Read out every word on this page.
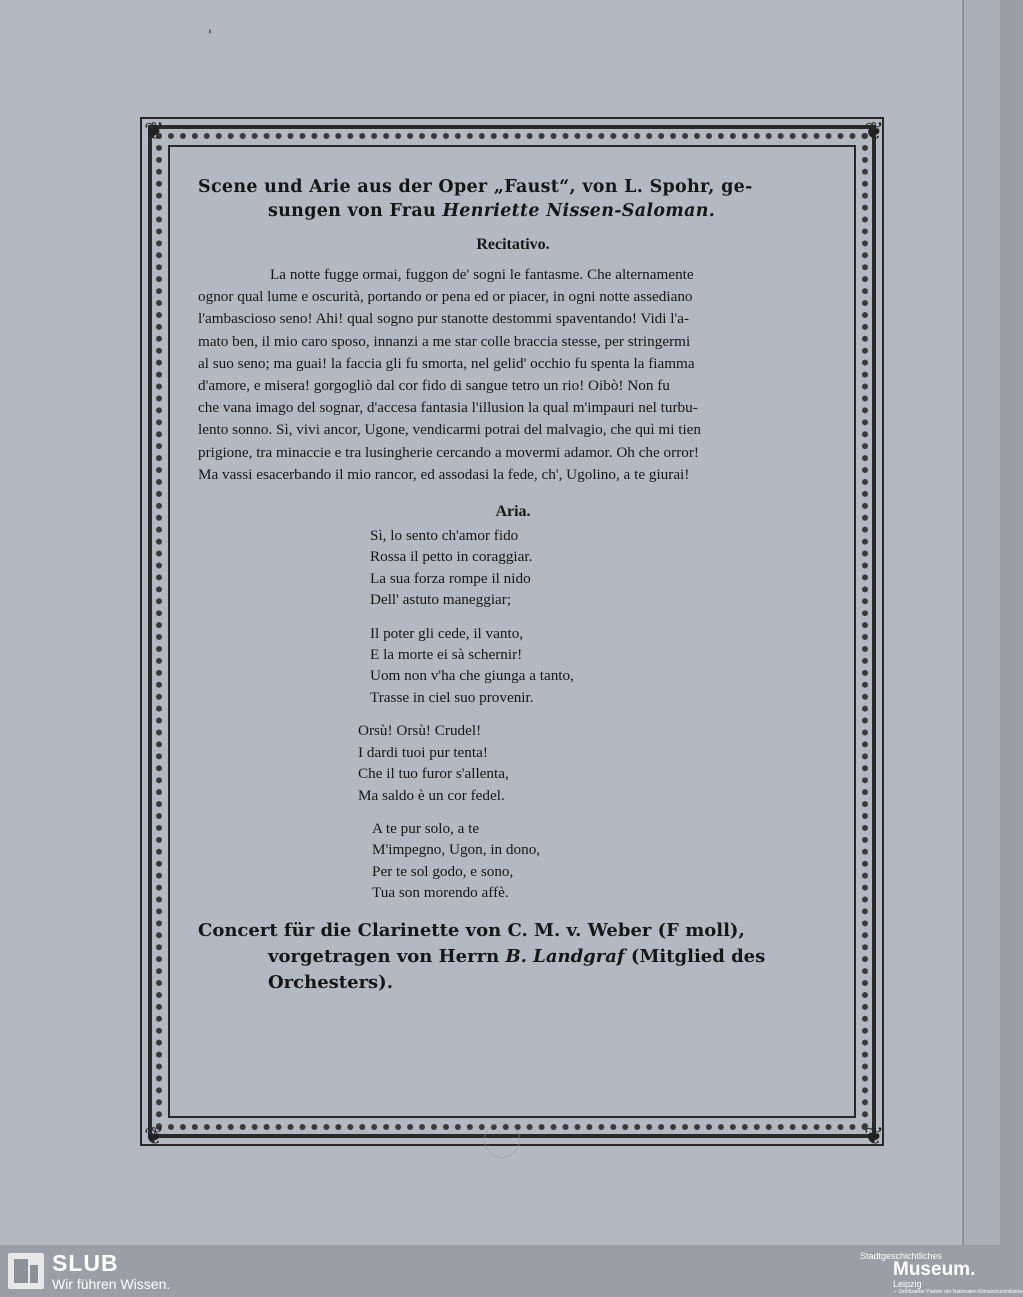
'
❦	❦
❦	❦
Scene und Arie aus der Oper „Faust“, von L. Spohr, ge-
sungen von Frau Henriette Nissen-Saloman.
Recitativo.
La notte fugge ormai, fuggon de' sogni le fantasme. Che alternamente
ognor qual lume e oscurità, portando or pena ed or piacer, in ogni notte assediano
l'ambascioso seno! Ahi! qual sogno pur stanotte destommi spaventando! Vidi l'a-
mato ben, il mio caro sposo, innanzi a me star colle braccia stesse, per stringermi
al suo seno; ma guai! la faccia gli fu smorta, nel gelid' occhio fu spenta la fiamma
d'amore, e misera! gorgogliò dal cor fido di sangue tetro un rio! Oibò! Non fu
che vana imago del sognar, d'accesa fantasia l'illusion la qual m'impauri nel turbu-
lento sonno. Sì, vivi ancor, Ugone, vendicarmi potrai del malvagio, che quì mi tien
prigione, tra minaccie e tra lusingherie cercando a movermi adamor. Oh che orror!
Ma vassi esacerbando il mio rancor, ed assodasi la fede, ch', Ugolino, a te giurai!
Aria.
Sì, lo sento ch'amor fido
Rossa il petto in coraggiar.
La sua forza rompe il nido
Dell' astuto maneggiar;
Il poter gli cede, il vanto,
E la morte ei sà schernir!
Uom non v'ha che giunga a tanto,
Trasse in ciel suo provenir.
Orsù! Orsù! Crudel!
I dardi tuoi pur tenta!
Che il tuo furor s'allenta,
Ma saldo è un cor fedel.
A te pur solo, a te
M'impegno, Ugon, in dono,
Per te sol godo, e sono,
Tua son morendo affè.
Concert für die Clarinette von C. M. v. Weber (F moll),
vorgetragen von Herrn B. Landgraf (Mitglied des
Orchesters).
SLUB
Wir führen Wissen.
Stadtgeschichtliches
Museum.
Leipzig
✓ Zertifizierter Partner der Nationalen Klimaschutzinitiative
